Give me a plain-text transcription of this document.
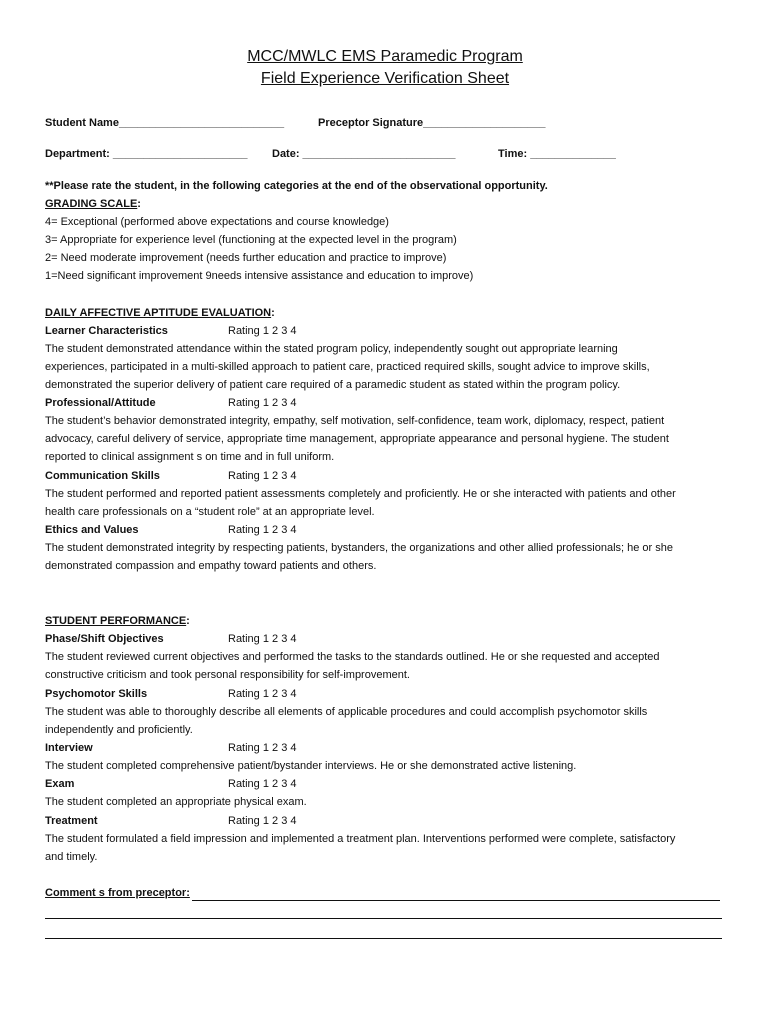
MCC/MWLC EMS Paramedic Program
Field Experience Verification Sheet
Student Name___________________________	Preceptor Signature____________________
Department: ______________________ Date: _________________________	Time: ______________
**Please rate the student, in the following categories at the end of the observational opportunity.
GRADING SCALE:
4= Exceptional (performed above expectations and course knowledge)
3= Appropriate for experience level (functioning at the expected level in the program)
2= Need moderate improvement (needs further education and practice to improve)
1=Need significant improvement 9needs intensive assistance and education to improve)
DAILY AFFECTIVE APTITUDE EVALUATION:
Learner Characteristics	Rating 1 2 3 4
The student demonstrated attendance within the stated program policy, independently sought out appropriate learning
experiences, participated in a multi-skilled approach to patient care, practiced required skills, sought advice to improve skills,
demonstrated the superior delivery of patient care required of a paramedic student as stated within the program policy.
Professional/Attitude	Rating 1 2 3 4
The student’s behavior demonstrated integrity, empathy, self motivation, self-confidence, team work, diplomacy, respect, patient
advocacy, careful delivery of service, appropriate time management, appropriate appearance and personal hygiene. The student
reported to clinical assignment s on time and in full uniform.
Communication Skills	Rating 1 2 3 4
The student performed and reported patient assessments completely and proficiently. He or she interacted with patients and other
health care professionals on a “student role” at an appropriate level.
Ethics and Values	Rating 1 2 3 4
The student demonstrated integrity by respecting patients, bystanders, the organizations and other allied professionals; he or she
demonstrated compassion and empathy toward patients and others.
STUDENT PERFORMANCE:
Phase/Shift Objectives	Rating 1 2 3 4
The student reviewed current objectives and performed the tasks to the standards outlined. He or she requested and accepted
constructive criticism and took personal responsibility for self-improvement.
Psychomotor Skills	Rating 1 2 3 4
The student was able to thoroughly describe all elements of applicable procedures and could accomplish psychomotor skills
independently and proficiently.
Interview	Rating 1 2 3 4
The student completed comprehensive patient/bystander interviews. He or she demonstrated active listening.
Exam	Rating 1 2 3 4
The student completed an appropriate physical exam.
Treatment	Rating 1 2 3 4
The student formulated a field impression and implemented a treatment plan. Interventions performed were complete, satisfactory
and timely.
Comment s from preceptor:
